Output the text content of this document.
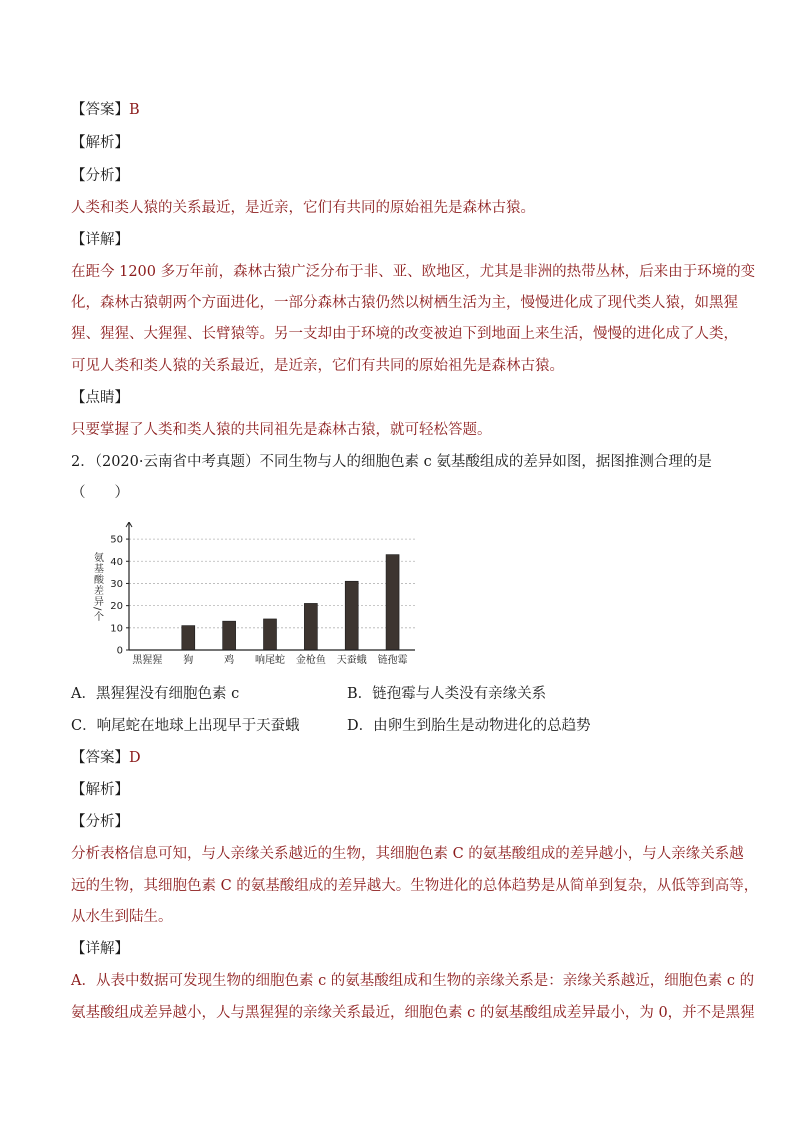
【答案】B
【解析】
【分析】
人类和类人猿的关系最近，是近亲，它们有共同的原始祖先是森林古猿。
【详解】
在距今 1200 多万年前，森林古猿广泛分布于非、亚、欧地区，尤其是非洲的热带丛林，后来由于环境的变
化，森林古猿朝两个方面进化，一部分森林古猿仍然以树栖生活为主，慢慢进化成了现代类人猿，如黑猩
猩、猩猩、大猩猩、长臂猿等。另一支却由于环境的改变被迫下到地面上来生活，慢慢的进化成了人类，
可见人类和类人猿的关系最近，是近亲，它们有共同的原始祖先是森林古猿。
【点睛】
只要掌握了人类和类人猿的共同祖先是森林古猿，就可轻松答题。
2．（2020·云南省中考真题）不同生物与人的细胞色素 c 氨基酸组成的差异如图，据图推测合理的是
（　　）
0
10
20
30
40
50
黑猩猩 狗	鸡 响尾蛇 金枪鱼 天蚕蛾 链孢霉
氨基酸差异/个
A．黑猩猩没有细胞色素 c	B．链孢霉与人类没有亲缘关系
C．响尾蛇在地球上出现早于天蚕蛾	D．由卵生到胎生是动物进化的总趋势
【答案】D
【解析】
【分析】
分析表格信息可知，与人亲缘关系越近的生物，其细胞色素 C 的氨基酸组成的差异越小，与人亲缘关系越
远的生物，其细胞色素 C 的氨基酸组成的差异越大。生物进化的总体趋势是从简单到复杂，从低等到高等，
从水生到陆生。
【详解】
A．从表中数据可发现生物的细胞色素 c 的氨基酸组成和生物的亲缘关系是：亲缘关系越近，细胞色素 c 的
氨基酸组成差异越小，人与黑猩猩的亲缘关系最近，细胞色素 c 的氨基酸组成差异最小，为 0，并不是黑猩
